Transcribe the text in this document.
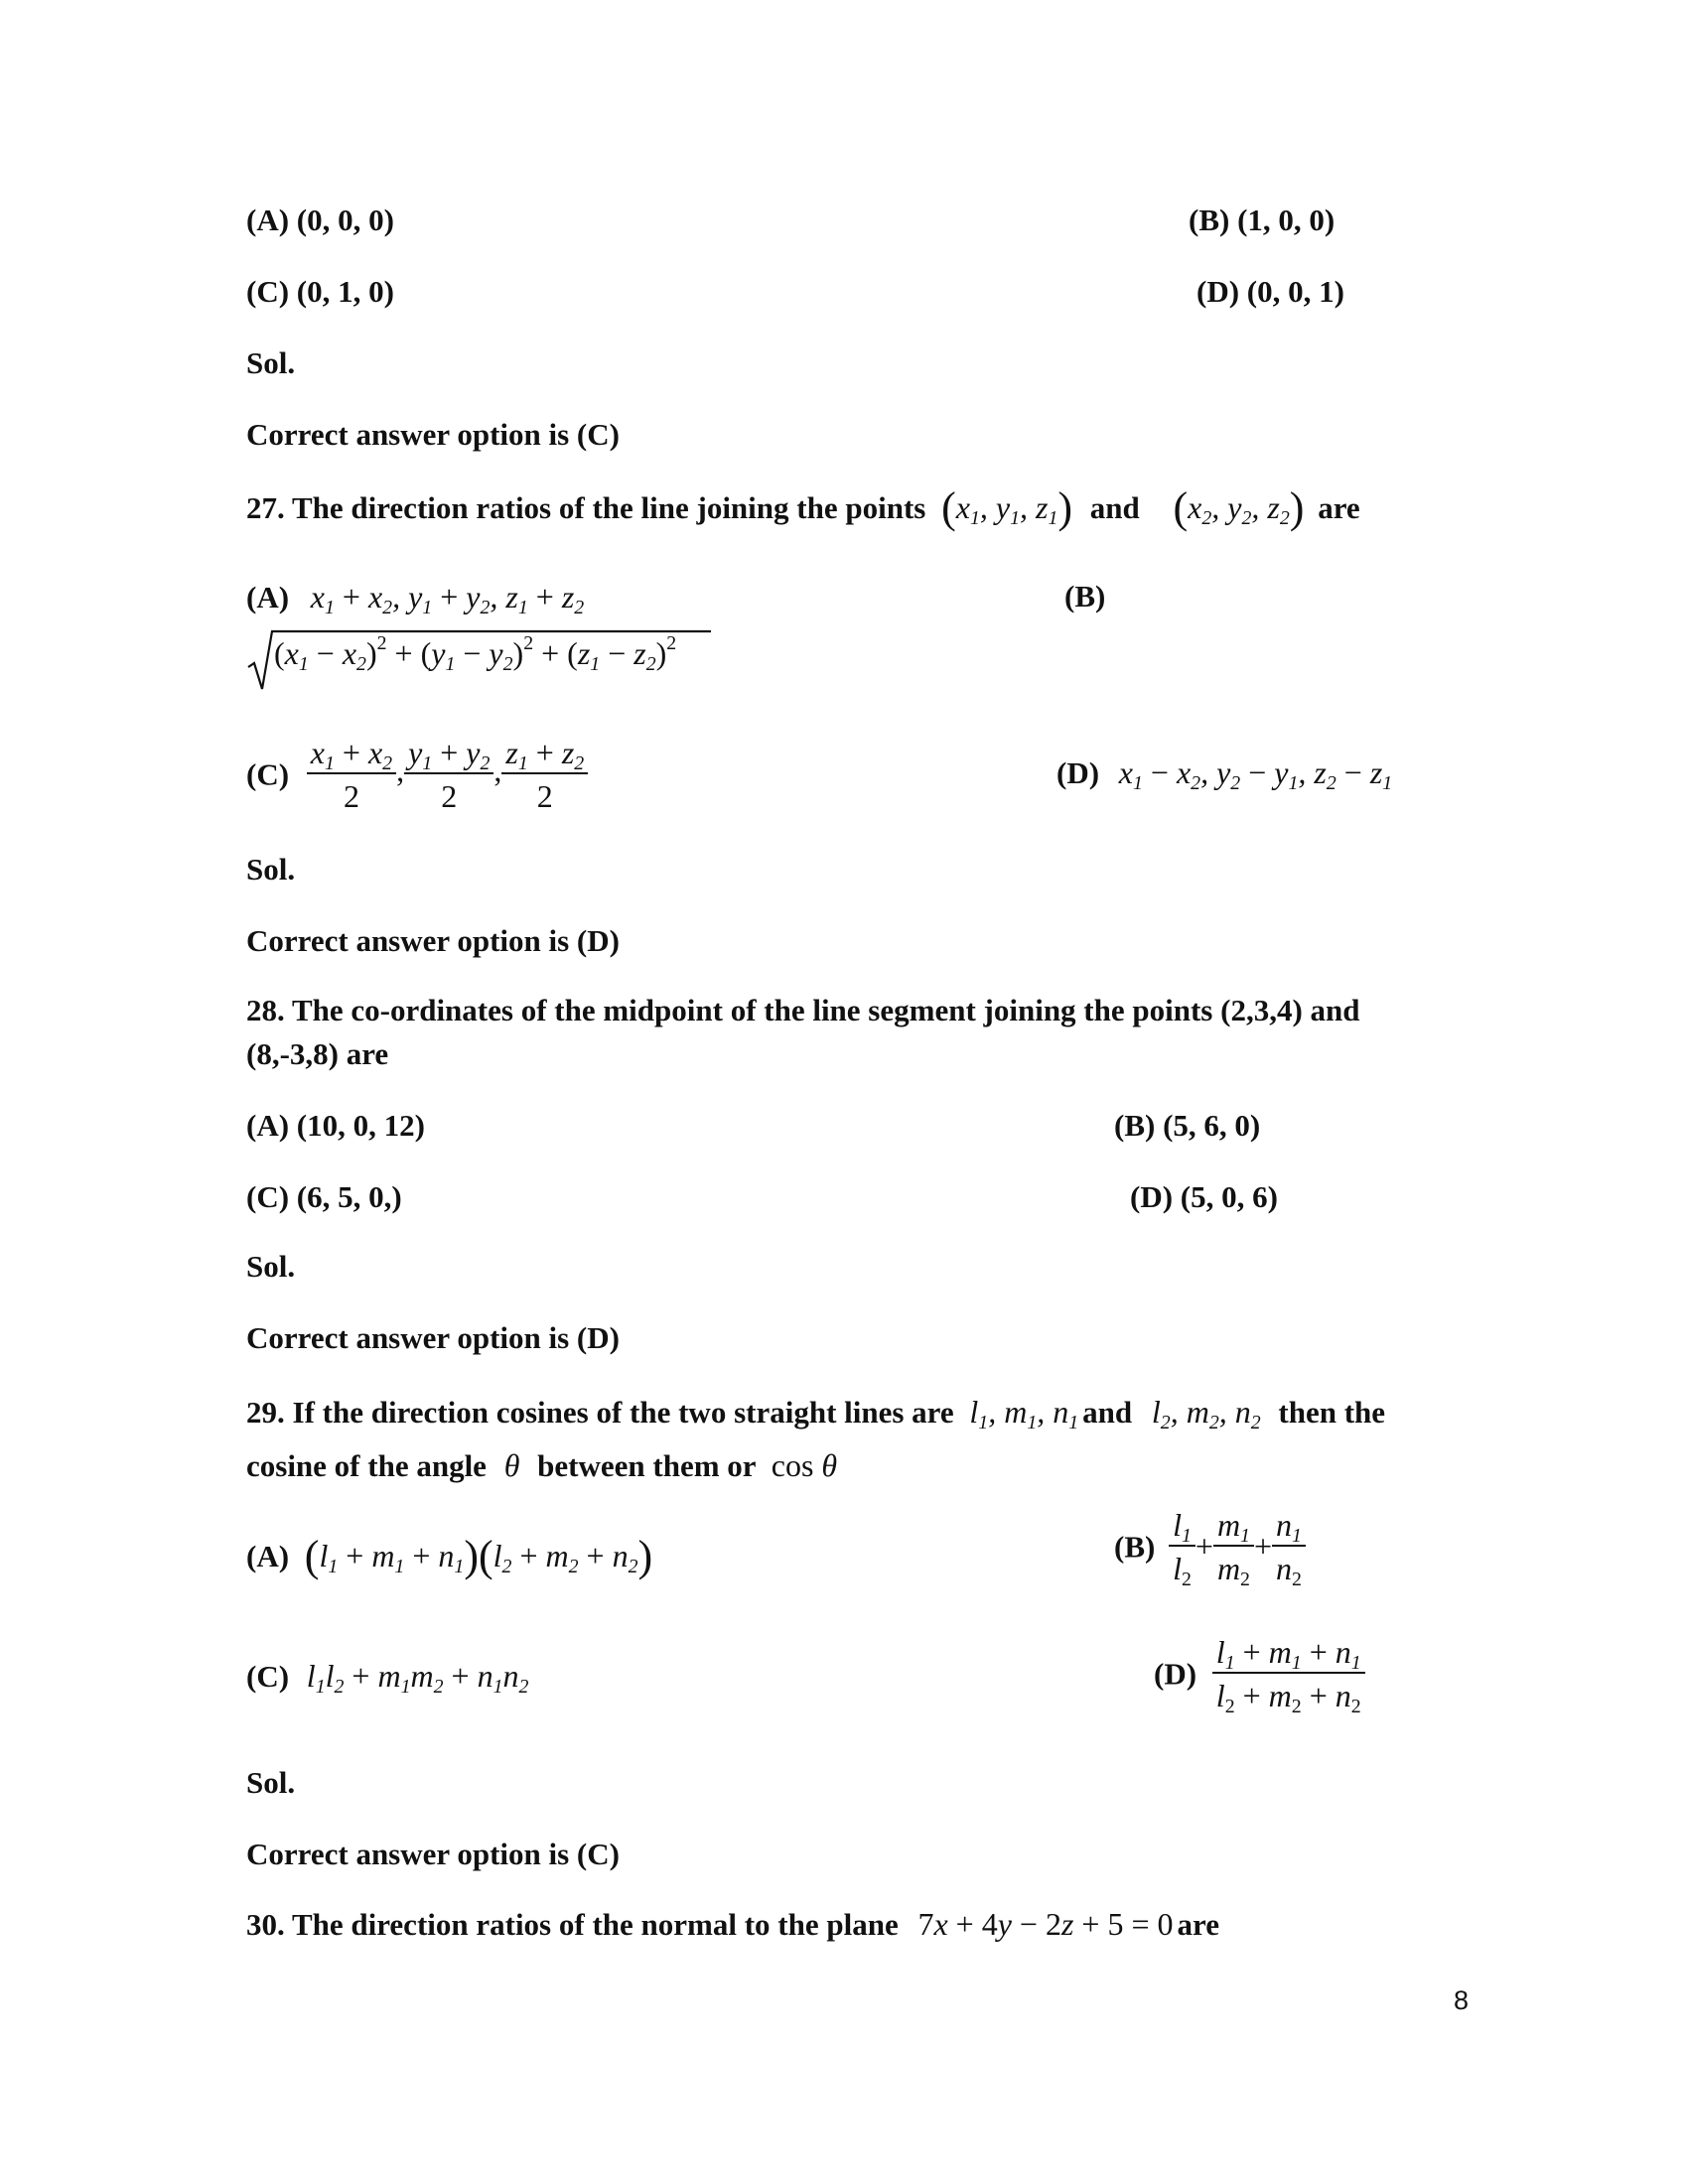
(A) (0, 0, 0)	(B) (1, 0, 0)
(C) (0, 1, 0)	(D) (0, 0, 1)
Sol.
Correct answer option is (C)
27. The direction ratios of the line joining the points ($x_1$, $y_1$, $z_1$) and ($x_2$, $y_2$, $z_2$) are
(A) $x_1 + x_2$, $y_1 + y_2$, $z_1 + z_2$	(B)
$(x_1 - x_2)^2 + (y_1 - y_2)^2 + (z_1 - z_2)^2$
$(C) \frac{x_1 + x_2}{2}$ , $\frac{y_1 + y_2}{2}$ , $\frac{z_1 + z_2}{2}$	(D) $x_1 - x_2$, $y_2 - y_1$, $z_2 - z_1$
Sol.
Correct answer option is (D)
28. The co-ordinates of the midpoint of the line segment joining the points (2,3,4) and
(8,-3,8) are
(A) (10, 0, 12)	(B) (5, 6, 0)
(C) (6, 5, 0,)	(D) (5, 0, 6)
Sol.
Correct answer option is (D)
29. If the direction cosines of the two straight lines are $l_1$, $m_1$, $n_1$ and $l_2$, $m_2$, $n_2$ then the
cosine of the angle θ between them or cos θ
(A) $(l_1 + m_1 + n_1)(l_2 + m_2 + n_2)$	$(B) \frac{l_1}{l_2} + \frac{m_1}{m_2} + \frac{n_1}{n_2}$
(C) $l_1l_2 + m_1m_2 + n_1n_2$	$(D) \frac{l_1 + m_1 + n_1}{l_2 + m_2 + n_2}$
Sol.
Correct answer option is (C)
30. The direction ratios of the normal to the plane 7x + 4y − 2z + 5 = 0 are
8
